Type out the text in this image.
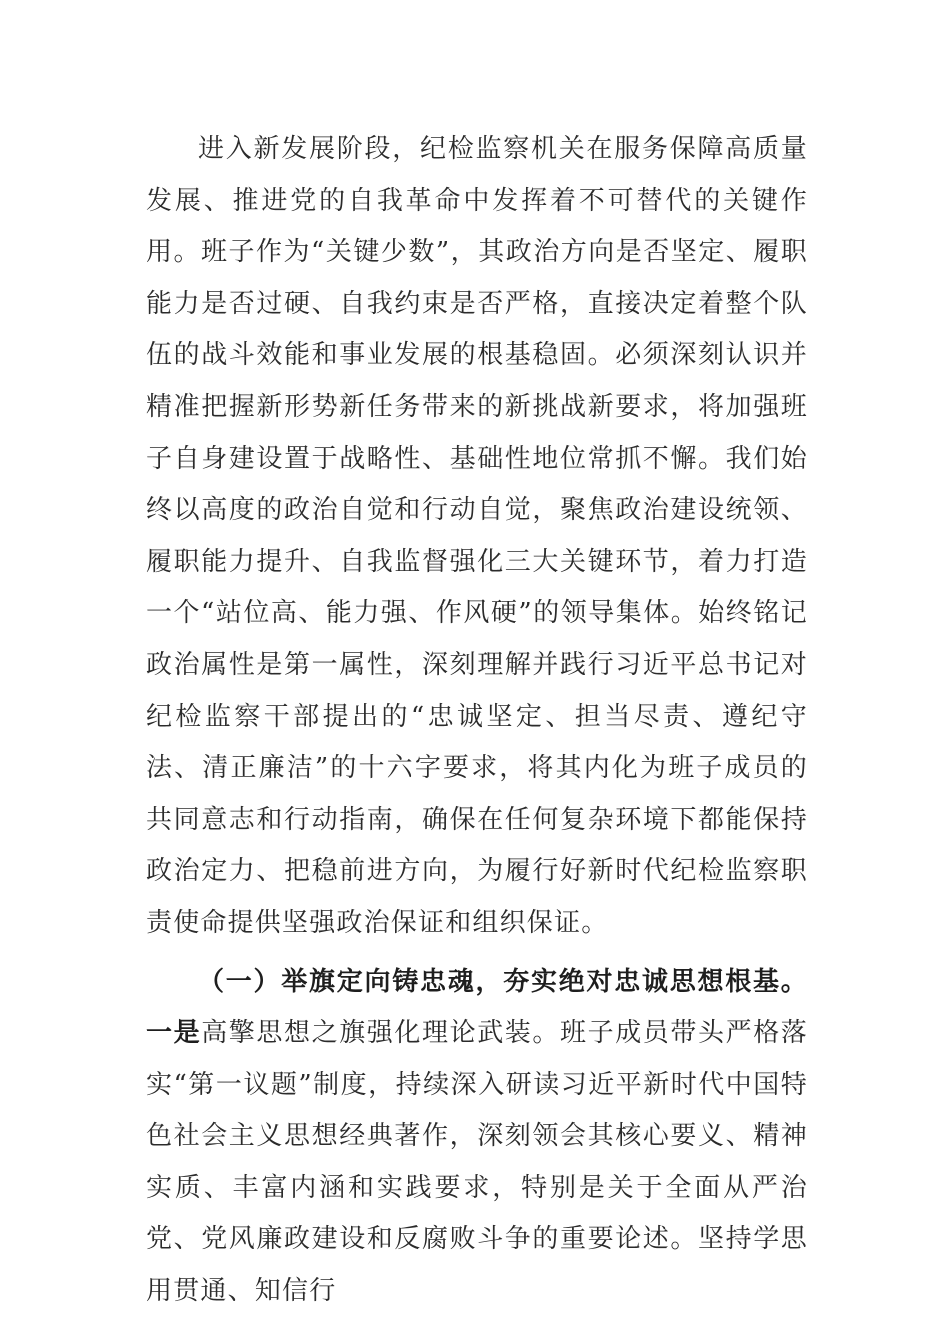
进入新发展阶段，纪检监察机关在服务保障高质量发展、推进党的自我革命中发挥着不可替代的关键作用。班子作为“关键少数”，其政治方向是否坚定、履职能力是否过硬、自我约束是否严格，直接决定着整个队伍的战斗效能和事业发展的根基稳固。必须深刻认识并精准把握新形势新任务带来的新挑战新要求，将加强班子自身建设置于战略性、基础性地位常抓不懈。我们始终以高度的政治自觉和行动自觉，聚焦政治建设统领、履职能力提升、自我监督强化三大关键环节，着力打造一个“站位高、能力强、作风硬”的领导集体。始终铭记政治属性是第一属性，深刻理解并践行习近平总书记对纪检监察干部提出的“忠诚坚定、担当尽责、遵纪守法、清正廉洁”的十六字要求，将其内化为班子成员的共同意志和行动指南，确保在任何复杂环境下都能保持政治定力、把稳前进方向，为履行好新时代纪检监察职责使命提供坚强政治保证和组织保证。

（一）举旗定向铸忠魂，夯实绝对忠诚思想根基。一是高擎思想之旗强化理论武装。班子成员带头严格落实“第一议题”制度，持续深入研读习近平新时代中国特色社会主义思想经典著作，深刻领会其核心要义、精神实质、丰富内涵和实践要求，特别是关于全面从严治党、党风廉政建设和反腐败斗争的重要论述。坚持学思用贯通、知信行
